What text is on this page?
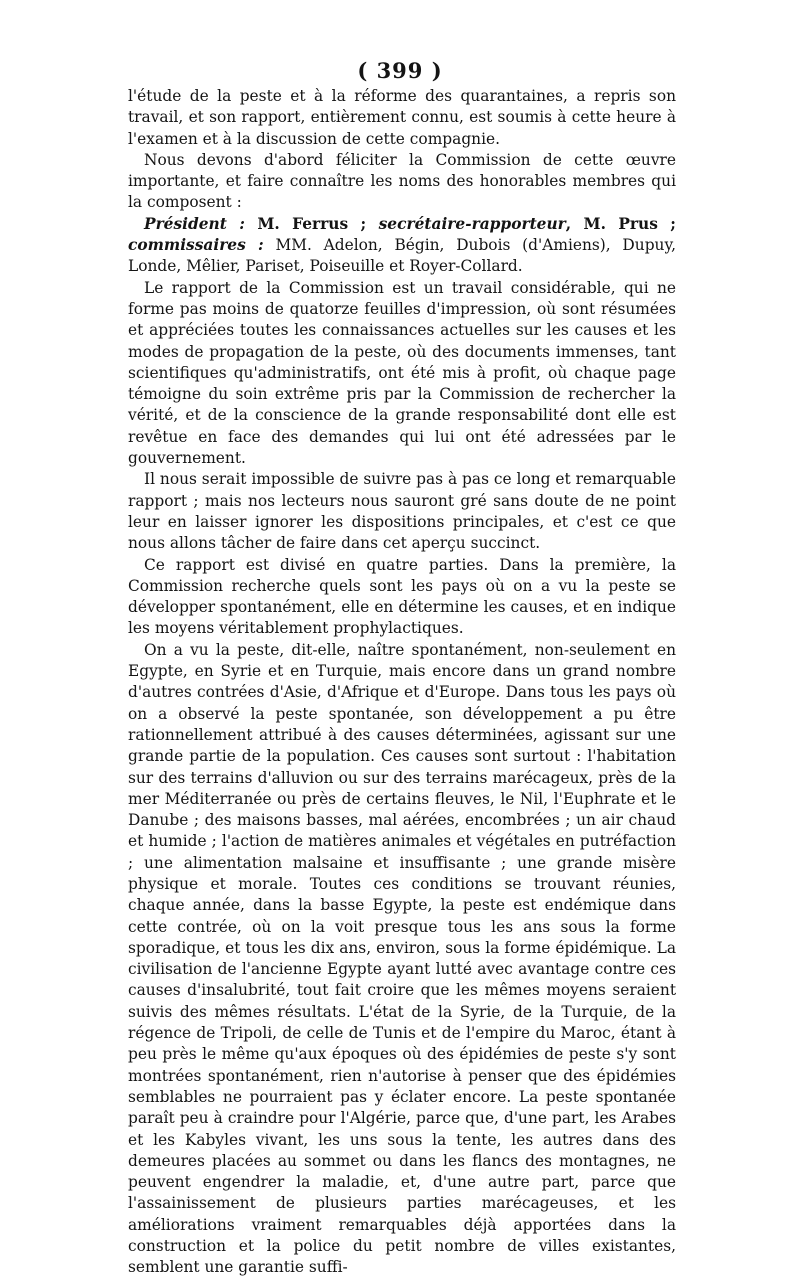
( 399 )

l'étude de la peste et à la réforme des quarantaines, a repris son travail, et son rapport, entièrement connu, est soumis à cette heure à l'examen et à la discussion de cette compagnie.

Nous devons d'abord féliciter la Commission de cette œuvre importante, et faire connaître les noms des honorables membres qui la composent :

Président : M. Ferrus ; secrétaire-rapporteur, M. Prus ; commissaires : MM. Adelon, Bégin, Dubois (d'Amiens), Dupuy, Londe, Mêlier, Pariset, Poiseuille et Royer-Collard.

Le rapport de la Commission est un travail considérable, qui ne forme pas moins de quatorze feuilles d'impression, où sont résumées et appréciées toutes les connaissances actuelles sur les causes et les modes de propagation de la peste, où des documents immenses, tant scientifiques qu'administratifs, ont été mis à profit, où chaque page témoigne du soin extrême pris par la Commission de rechercher la vérité, et de la conscience de la grande responsabilité dont elle est revêtue en face des demandes qui lui ont été adressées par le gouvernement.

Il nous serait impossible de suivre pas à pas ce long et remarquable rapport ; mais nos lecteurs nous sauront gré sans doute de ne point leur en laisser ignorer les dispositions principales, et c'est ce que nous allons tâcher de faire dans cet aperçu succinct.

Ce rapport est divisé en quatre parties. Dans la première, la Commission recherche quels sont les pays où on a vu la peste se développer spontanément, elle en détermine les causes, et en indique les moyens véritablement prophylactiques.

On a vu la peste, dit-elle, naître spontanément, non-seulement en Egypte, en Syrie et en Turquie, mais encore dans un grand nombre d'autres contrées d'Asie, d'Afrique et d'Europe. Dans tous les pays où on a observé la peste spontanée, son développement a pu être rationnellement attribué à des causes déterminées, agissant sur une grande partie de la population. Ces causes sont surtout : l'habitation sur des terrains d'alluvion ou sur des terrains marécageux, près de la mer Méditerranée ou près de certains fleuves, le Nil, l'Euphrate et le Danube ; des maisons basses, mal aérées, encombrées ; un air chaud et humide ; l'action de matières animales et végétales en putréfaction ; une alimentation malsaine et insuffisante ; une grande misère physique et morale. Toutes ces conditions se trouvant réunies, chaque année, dans la basse Egypte, la peste est endémique dans cette contrée, où on la voit presque tous les ans sous la forme sporadique, et tous les dix ans, environ, sous la forme épidémique. La civilisation de l'ancienne Egypte ayant lutté avec avantage contre ces causes d'insalubrité, tout fait croire que les mêmes moyens seraient suivis des mêmes résultats. L'état de la Syrie, de la Turquie, de la régence de Tripoli, de celle de Tunis et de l'empire du Maroc, étant à peu près le même qu'aux époques où des épidémies de peste s'y sont montrées spontanément, rien n'autorise à penser que des épidémies semblables ne pourraient pas y éclater encore. La peste spontanée paraît peu à craindre pour l'Algérie, parce que, d'une part, les Arabes et les Kabyles vivant, les uns sous la tente, les autres dans des demeures placées au sommet ou dans les flancs des montagnes, ne peuvent engendrer la maladie, et, d'une autre part, parce que l'assainissement de plusieurs parties marécageuses, et les améliorations vraiment remarquables déjà apportées dans la construction et la police du petit nombre de villes existantes, semblent une garantie suffi-
